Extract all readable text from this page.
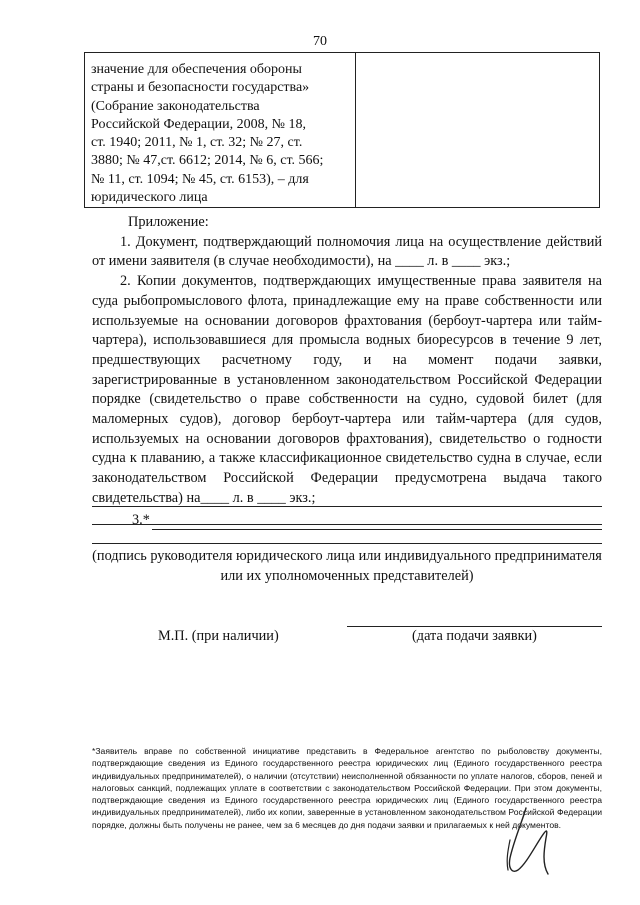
70
значение для обеспечения обороны
страны и безопасности государства»
(Собрание законодательства
Российской Федерации, 2008, № 18,
ст. 1940; 2011, № 1, ст. 32; № 27, ст.
3880; № 47,ст. 6612; 2014, № 6, ст. 566;
№ 11, ст. 1094; № 45, ст. 6153), – для
юридического лица

Приложение:
1. Документ, подтверждающий полномочия лица на осуществление действий от имени заявителя (в случае необходимости), на ____ л. в ____ экз.;
2. Копии документов, подтверждающих имущественные права заявителя на суда рыбопромыслового флота, принадлежащие ему на праве собственности или используемые на основании договоров фрахтования (бербоут-чартера или тайм-чартера), использовавшиеся для промысла водных биоресурсов в течение 9 лет, предшествующих расчетному году, и на момент подачи заявки, зарегистрированные в установленном законодательством Российской Федерации порядке (свидетельство о праве собственности на судно, судовой билет (для маломерных судов), договор бербоут-чартера или тайм-чартера (для судов, используемых на основании договоров фрахтования), свидетельство о годности судна к плаванию, а также классификационное свидетельство судна в случае, если законодательством Российской Федерации предусмотрена выдача такого свидетельства) на____ л. в ____ экз.;
3.*
(подпись руководителя юридического лица или индивидуального предпринимателя или их уполномоченных представителей)
М.П. (при наличии)	(дата подачи заявки)
*Заявитель вправе по собственной инициативе представить в Федеральное агентство по рыболовству документы, подтверждающие сведения из Единого государственного реестра юридических лиц (Единого государственного реестра индивидуальных предпринимателей), о наличии (отсутствии) неисполненной обязанности по уплате налогов, сборов, пеней и налоговых санкций, подлежащих уплате в соответствии с законодательством Российской Федерации. При этом документы, подтверждающие сведения из Единого государственного реестра юридических лиц (Единого государственного реестра индивидуальных предпринимателей), либо их копии, заверенные в установленном законодательством Российской Федерации порядке, должны быть получены не ранее, чем за 6 месяцев до дня подачи заявки и прилагаемых к ней документов.
